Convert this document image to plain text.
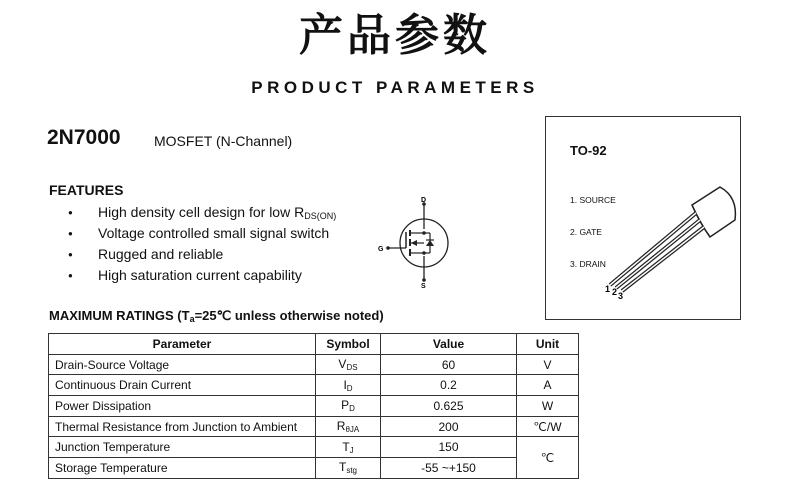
产品参数
PRODUCT PARAMETERS
2N7000 MOSFET (N-Channel)
FEATURES
● High density cell design for low $R_{DS(ON)}$
● Voltage controlled small signal switch
● Rugged and reliable
● High saturation current capability
D
G
S
TO-92
1. SOURCE
2. GATE
3. DRAIN
1 2 3
MAXIMUM RATINGS ($T_a=25℃$ unless otherwise noted)
Parameter	Symbol	Value	Unit
Drain-Source Voltage	VDS	60	V
Continuous Drain Current	ID	0.2	A
Power Dissipation	PD	0.625	W
Thermal Resistance from Junction to Ambient	RθJA	200	℃/W
Junction Temperature	TJ	150	℃
Storage Temperature	Tstg	-55 ~+150	
